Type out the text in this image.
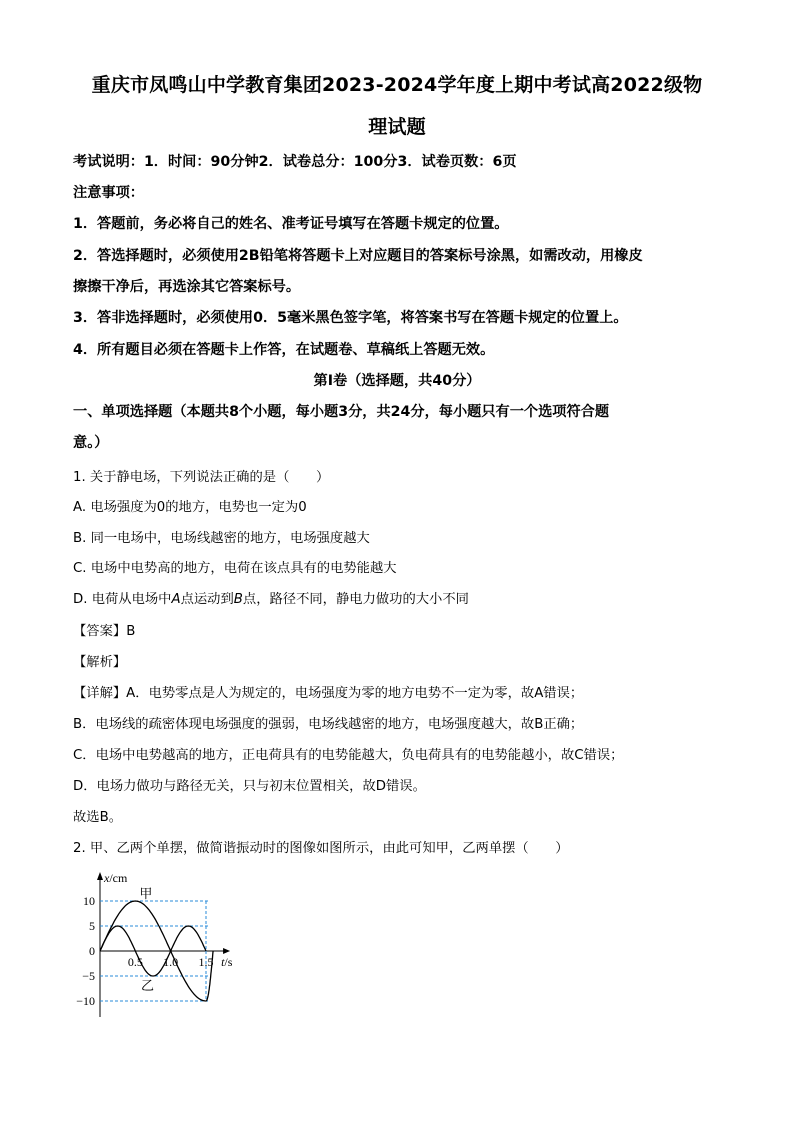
重庆市凤鸣山中学教育集团2023-2024学年度上期中考试高2022级物
理试题
考试说明：1．时间：90分钟2．试卷总分：100分3．试卷页数：6页
注意事项：
1．答题前，务必将自己的姓名、准考证号填写在答题卡规定的位置。
2．答选择题时，必须使用2B铅笔将答题卡上对应题目的答案标号涂黑，如需改动，用橡皮
擦擦干净后，再选涂其它答案标号。
3．答非选择题时，必须使用0．5毫米黑色签字笔，将答案书写在答题卡规定的位置上。
4．所有题目必须在答题卡上作答，在试题卷、草稿纸上答题无效。
第Ⅰ卷（选择题，共40分）
一、单项选择题（本题共8个小题，每小题3分，共24分，每小题只有一个选项符合题
意。）
1. 关于静电场，下列说法正确的是（　　）
A. 电场强度为0的地方，电势也一定为0
B. 同一电场中，电场线越密的地方，电场强度越大
C. 电场中电势高的地方，电荷在该点具有的电势能越大
D. 电荷从电场中A点运动到B点，路径不同，静电力做功的大小不同
【答案】B
【解析】
【详解】A．电势零点是人为规定的，电场强度为零的地方电势不一定为零，故A错误；
B．电场线的疏密体现电场强度的强弱，电场线越密的地方，电场强度越大，故B正确；
C．电场中电势越高的地方，正电荷具有的电势能越大，负电荷具有的电势能越小，故C错误；
D．电场力做功与路径无关，只与初末位置相关，故D错误。
故选B。
2. 甲、乙两个单摆，做简谐振动时的图像如图所示，由此可知甲，乙两单摆（　　）
x/cm
t/s
10
5
0
−5
−10
0.5 1.0 1.5
甲
乙
